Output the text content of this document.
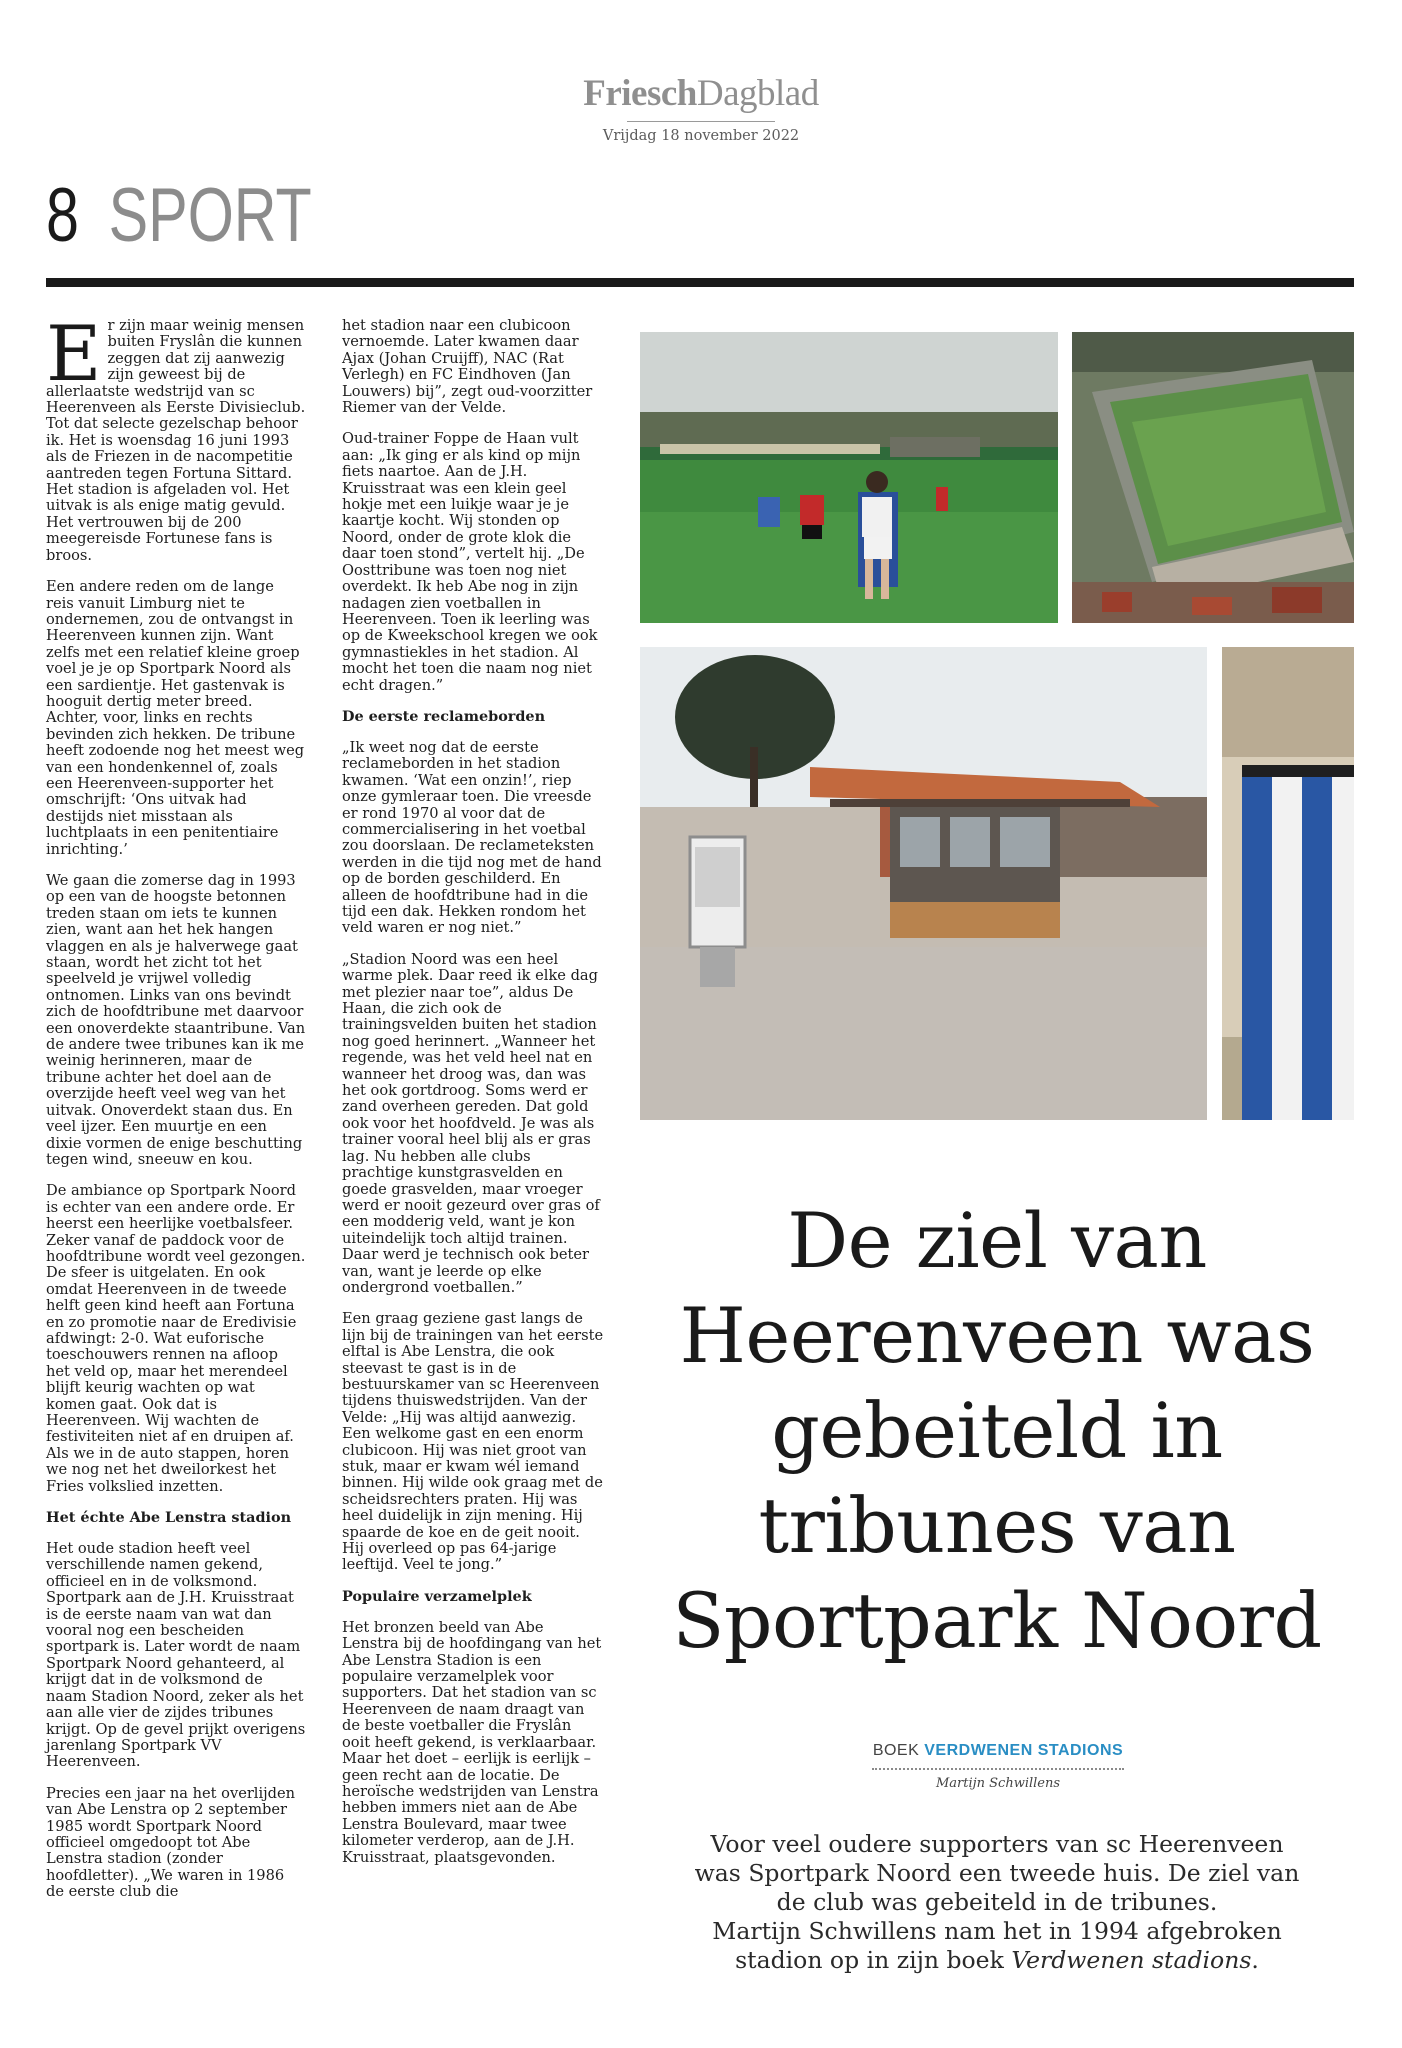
FrieschDagblad
Vrijdag 18 november 2022
8 SPORT

Er zijn maar weinig mensen buiten Fryslân die kunnen zeggen dat zij aanwezig zijn geweest bij de allerlaatste wedstrijd van sc Heerenveen als Eerste Divisieclub. Tot dat selecte gezelschap behoor ik. Het is woensdag 16 juni 1993 als de Friezen in de nacompetitie aantreden tegen Fortuna Sittard. Het stadion is afgeladen vol. Het uitvak is als enige matig gevuld. Het vertrouwen bij de 200 meegereisde Fortunese fans is broos.

Een andere reden om de lange reis vanuit Limburg niet te ondernemen, zou de ontvangst in Heerenveen kunnen zijn. Want zelfs met een relatief kleine groep voel je je op Sportpark Noord als een sardientje. Het gastenvak is hooguit dertig meter breed. Achter, voor, links en rechts bevinden zich hekken. De tribune heeft zodoende nog het meest weg van een hondenkennel of, zoals een Heerenveen-supporter het omschrijft: ‘Ons uitvak had destijds niet misstaan als luchtplaats in een penitentiaire inrichting.’

We gaan die zomerse dag in 1993 op een van de hoogste betonnen treden staan om iets te kunnen zien, want aan het hek hangen vlaggen en als je halverwege gaat staan, wordt het zicht tot het speelveld je vrijwel volledig ontnomen. Links van ons bevindt zich de hoofdtribune met daarvoor een onoverdekte staantribune. Van de andere twee tribunes kan ik me weinig herinneren, maar de tribune achter het doel aan de overzijde heeft veel weg van het uitvak. Onoverdekt staan dus. En veel ijzer. Een muurtje en een dixie vormen de enige beschutting tegen wind, sneeuw en kou.

De ambiance op Sportpark Noord is echter van een andere orde. Er heerst een heerlijke voetbalsfeer. Zeker vanaf de paddock voor de hoofdtribune wordt veel gezongen. De sfeer is uitgelaten. En ook omdat Heerenveen in de tweede helft geen kind heeft aan Fortuna en zo promotie naar de Eredivisie afdwingt: 2-0. Wat euforische toeschouwers rennen na afloop het veld op, maar het merendeel blijft keurig wachten op wat komen gaat. Ook dat is Heerenveen. Wij wachten de festiviteiten niet af en druipen af. Als we in de auto stappen, horen we nog net het dweilorkest het Fries volkslied inzetten.

Het échte Abe Lenstra stadion

Het oude stadion heeft veel verschillende namen gekend, officieel en in de volksmond. Sportpark aan de J.H. Kruisstraat is de eerste naam van wat dan vooral nog een bescheiden sportpark is. Later wordt de naam Sportpark Noord gehanteerd, al krijgt dat in de volksmond de naam Stadion Noord, zeker als het aan alle vier de zijdes tribunes krijgt. Op de gevel prijkt overigens jarenlang Sportpark VV Heerenveen.

Precies een jaar na het overlijden van Abe Lenstra op 2 september 1985 wordt Sportpark Noord officieel omgedoopt tot Abe Lenstra stadion (zonder hoofdletter). „We waren in 1986 de eerste club die

het stadion naar een clubicoon vernoemde. Later kwamen daar Ajax (Johan Cruijff), NAC (Rat Verlegh) en FC Eindhoven (Jan Louwers) bij”, zegt oud-voorzitter Riemer van der Velde.

Oud-trainer Foppe de Haan vult aan: „Ik ging er als kind op mijn fiets naartoe. Aan de J.H. Kruisstraat was een klein geel hokje met een luikje waar je je kaartje kocht. Wij stonden op Noord, onder de grote klok die daar toen stond”, vertelt hij. „De Oosttribune was toen nog niet overdekt. Ik heb Abe nog in zijn nadagen zien voetballen in Heerenveen. Toen ik leerling was op de Kweekschool kregen we ook gymnastiekles in het stadion. Al mocht het toen die naam nog niet echt dragen.”

De eerste reclameborden

„Ik weet nog dat de eerste reclameborden in het stadion kwamen. ‘Wat een onzin!’, riep onze gymleraar toen. Die vreesde er rond 1970 al voor dat de commercialisering in het voetbal zou doorslaan. De reclameteksten werden in die tijd nog met de hand op de borden geschilderd. En alleen de hoofdtribune had in die tijd een dak. Hekken rondom het veld waren er nog niet.”

„Stadion Noord was een heel warme plek. Daar reed ik elke dag met plezier naar toe”, aldus De Haan, die zich ook de trainingsvelden buiten het stadion nog goed herinnert. „Wanneer het regende, was het veld heel nat en wanneer het droog was, dan was het ook gortdroog. Soms werd er zand overheen gereden. Dat gold ook voor het hoofdveld. Je was als trainer vooral heel blij als er gras lag. Nu hebben alle clubs prachtige kunstgrasvelden en goede grasvelden, maar vroeger werd er nooit gezeurd over gras of een modderig veld, want je kon uiteindelijk toch altijd trainen. Daar werd je technisch ook beter van, want je leerde op elke ondergrond voetballen.”

Een graag geziene gast langs de lijn bij de trainingen van het eerste elftal is Abe Lenstra, die ook steevast te gast is in de bestuurskamer van sc Heerenveen tijdens thuiswedstrijden. Van der Velde: „Hij was altijd aanwezig. Een welkome gast en een enorm clubicoon. Hij was niet groot van stuk, maar er kwam wél iemand binnen. Hij wilde ook graag met de scheidsrechters praten. Hij was heel duidelijk in zijn mening. Hij spaarde de koe en de geit nooit. Hij overleed op pas 64-jarige leeftijd. Veel te jong.”

Populaire verzamelplek

Het bronzen beeld van Abe Lenstra bij de hoofdingang van het Abe Lenstra Stadion is een populaire verzamelplek voor supporters. Dat het stadion van sc Heerenveen de naam draagt van de beste voetballer die Fryslân ooit heeft gekend, is verklaarbaar. Maar het doet – eerlijk is eerlijk – geen recht aan de locatie. De heroïsche wedstrijden van Lenstra hebben immers niet aan de Abe Lenstra Boulevard, maar twee kilometer verderop, aan de J.H. Kruisstraat, plaatsgevonden.

De ziel van
Heerenveen was
gebeiteld in
tribunes van
Sportpark Noord
BOEK VERDWENEN STADIONS
Martijn Schwillens
Voor veel oudere supporters van sc Heerenveen
was Sportpark Noord een tweede huis. De ziel van
de club was gebeiteld in de tribunes.
Martijn Schwillens nam het in 1994 afgebroken
stadion op in zijn boek Verdwenen stadions.
